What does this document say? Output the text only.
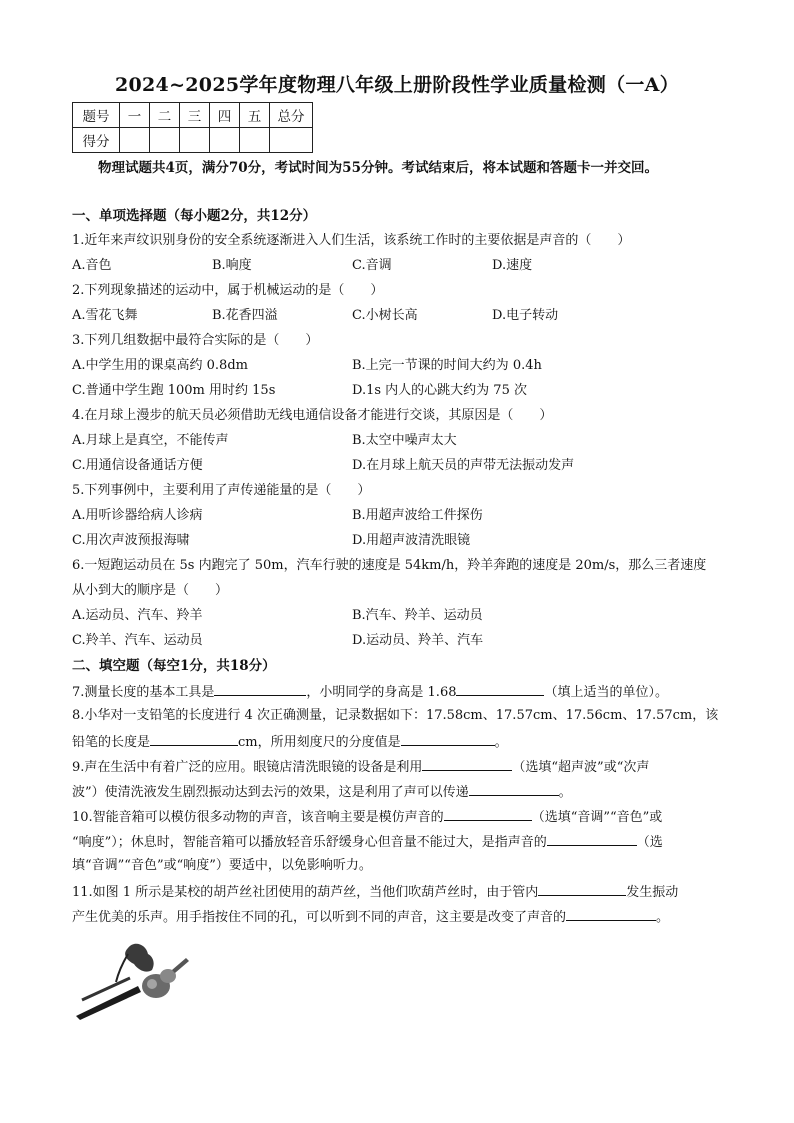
2024~2025学年度物理八年级上册阶段性学业质量检测（一A）
题号	一	二	三	四	五	总分
得分						
物理试题共4页，满分70分，考试时间为55分钟。考试结束后，将本试题和答题卡一并交回。
一、单项选择题（每小题2分，共12分）
1.近年来声纹识别身份的安全系统逐渐进入人们生活，该系统工作时的主要依据是声音的（　　）
A.音色	B.响度	C.音调	D.速度
2.下列现象描述的运动中，属于机械运动的是（　　）
A.雪花飞舞	B.花香四溢	C.小树长高	D.电子转动
3.下列几组数据中最符合实际的是（　　）
A.中学生用的课桌高约 0.8dm	B.上完一节课的时间大约为 0.4h
C.普通中学生跑 100m 用时约 15s	D.1s 内人的心跳大约为 75 次
4.在月球上漫步的航天员必须借助无线电通信设备才能进行交谈，其原因是（　　）
A.月球上是真空，不能传声	B.太空中噪声太大
C.用通信设备通话方便	D.在月球上航天员的声带无法振动发声
5.下列事例中，主要利用了声传递能量的是（　　）
A.用听诊器给病人诊病	B.用超声波给工件探伤
C.用次声波预报海啸	D.用超声波清洗眼镜
6.一短跑运动员在 5s 内跑完了 50m，汽车行驶的速度是 54km/h，羚羊奔跑的速度是 20m/s，那么三者速度
从小到大的顺序是（　　）
A.运动员、汽车、羚羊	B.汽车、羚羊、运动员
C.羚羊、汽车、运动员	D.运动员、羚羊、汽车
二、填空题（每空1分，共18分）
7.测量长度的基本工具是	，小明同学的身高是 1.68	（填上适当的单位）。
8.小华对一支铅笔的长度进行 4 次正确测量，记录数据如下：17.58cm、17.57cm、17.56cm、17.57cm，该
铅笔的长度是	cm，所用刻度尺的分度值是	。
9.声在生活中有着广泛的应用。眼镜店清洗眼镜的设备是利用	（选填“超声波”或“次声
波”）使清洗液发生剧烈振动达到去污的效果，这是利用了声可以传递	。
10.智能音箱可以模仿很多动物的声音，该音响主要是模仿声音的	（选填“音调”“音色”或
“响度”）；休息时，智能音箱可以播放轻音乐舒缓身心但音量不能过大，是指声音的	（选
填“音调”“音色”或“响度”）要适中，以免影响听力。
11.如图 1 所示是某校的胡芦丝社团使用的葫芦丝，当他们吹葫芦丝时，由于管内	发生振动
产生优美的乐声。用手指按住不同的孔，可以听到不同的声音，这主要是改变了声音的	。
